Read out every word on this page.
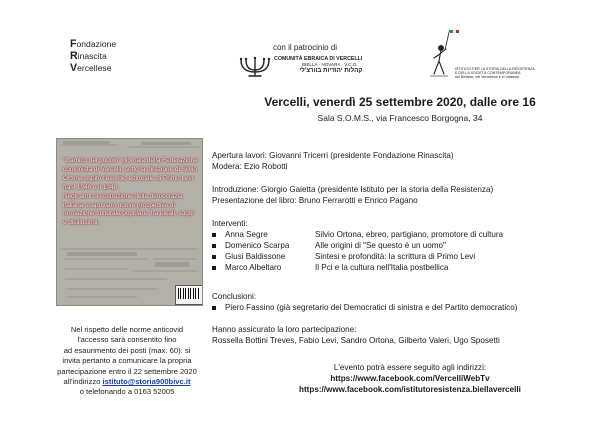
Fondazione
Rinascita
Vercellese
con il patrocinio di
COMUNITÀ EBRAICA DI VERCELLI
BIELLA · NOVARA · V.C.O.
קהלות יהודיות בוורצ'לי	ISTITUTO PER LA STORIA DELLA RESISTENZA
E DELLA SOCIETÀ CONTEMPORANEA
nel Biellese, nel Vercellese e in Valsesia
Vercelli, venerdì 25 settembre 2020, dalle ore 16
Sala S.O.M.S., via Francesco Borgogna, 34
"L'amico del popolo" giornale della Federazione comunista di Vercelli, sotto la direzione di Silvio Ortona ospitò l'esordio editoriale di Primo Levi fra il 1946 e il 1948.
Negli anni di costruzione della democrazia italiana si aprivano nuove prospettive di formazione culturale popolare, tra ideali, sogni e disillusioni.
Apertura lavori: Giovanni Tricerri (presidente Fondazione Rinascita)
Modera: Ezio Robotti
Introduzione: Giorgio Gaietta (presidente Istituto per la storia della Resistenza)
Presentazione del libro: Bruno Ferrarotti e Enrico Pagano
Interventi:
Anna Segre	Silvio Ortona, ebreo, partigiano, promotore di cultura
Domenico Scarpa	Alle origini di "Se questo è un uomo"
Giusi Baldissone	Sintesi e profondità: la scrittura di Primo Levi
Marco Albeltaro	Il Pci e la cultura nell'Italia postbellica
Conclusioni:
Piero Fassino (già segretario dei Democratici di sinistra e del Partito democratico)
Hanno assicurato la loro partecipazione:
Rossella Bottini Treves, Fabio Levi, Sandro Ortona, Gilberto Valeri, Ugo Sposetti
Nel rispetto delle norme anticovid
l'accesso sarà consentito fino
ad esaurimento dei posti (max. 60): si
invita pertanto a comunicare la propria
partecipazione entro il 22 settembre 2020
all'indirizzo istituto@storia900bivc.it
o telefonando a 0163 52005
L'evento potrà essere seguito agli indirizzi:
https://www.facebook.com/VercelliWebTv
https://www.facebook.com/istitutoresistenza.biellavercelli
